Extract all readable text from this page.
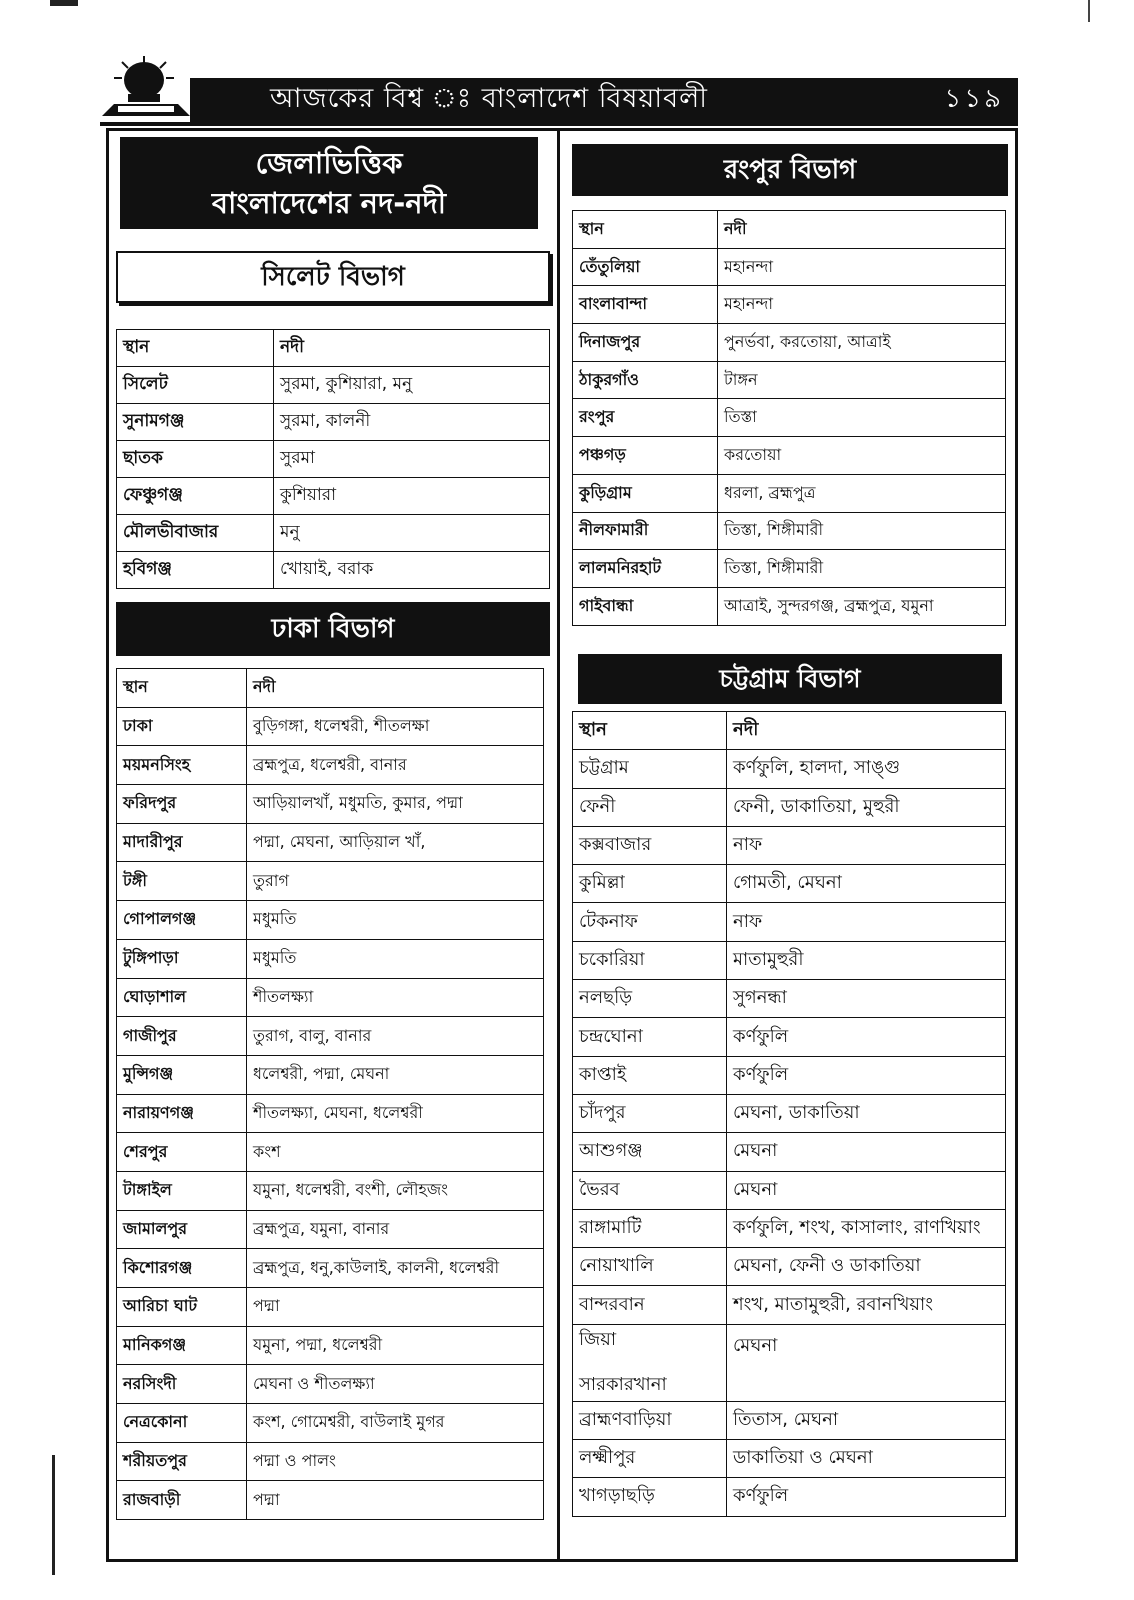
আজকের বিশ্ব ঃ বাংলাদেশ বিষয়াবলী	১১৯
জেলাভিত্তিক
বাংলাদেশের নদ-নদী
সিলেট বিভাগ
স্থান	নদী
সিলেট	সুরমা, কুশিয়ারা, মনু
সুনামগঞ্জ	সুরমা, কালনী
ছাতক	সুরমা
ফেঞ্চুগঞ্জ	কুশিয়ারা
মৌলভীবাজার	মনু
হবিগঞ্জ	খোয়াই, বরাক
ঢাকা বিভাগ
স্থান	নদী
ঢাকা	বুড়িগঙ্গা, ধলেশ্বরী, শীতলক্ষা
ময়মনসিংহ	ব্রহ্মপুত্র, ধলেশ্বরী, বানার
ফরিদপুর	আড়িয়ালখাঁ, মধুমতি, কুমার, পদ্মা
মাদারীপুর	পদ্মা, মেঘনা, আড়িয়াল খাঁ,
টঙ্গী	তুরাগ
গোপালগঞ্জ	মধুমতি
টুঙ্গিপাড়া	মধুমতি
ঘোড়াশাল	শীতলক্ষ্যা
গাজীপুর	তুরাগ, বালু, বানার
মুন্সিগঞ্জ	ধলেশ্বরী, পদ্মা, মেঘনা
নারায়ণগঞ্জ	শীতলক্ষ্যা, মেঘনা, ধলেশ্বরী
শেরপুর	কংশ
টাঙ্গাইল	যমুনা, ধলেশ্বরী, বংশী, লৌহজং
জামালপুর	ব্রহ্মপুত্র, যমুনা, বানার
কিশোরগঞ্জ	ব্রহ্মপুত্র, ধনু,কাউলাই, কালনী, ধলেশ্বরী
আরিচা ঘাট	পদ্মা
মানিকগঞ্জ	যমুনা, পদ্মা, ধলেশ্বরী
নরসিংদী	মেঘনা ও শীতলক্ষ্যা
নেত্রকোনা	কংশ, গোমেশ্বরী, বাউলাই মুগর
শরীয়তপুর	পদ্মা ও পালং
রাজবাড়ী	পদ্মা
রংপুর বিভাগ
স্থান	নদী
তেঁতুলিয়া	মহানন্দা
বাংলাবান্দা	মহানন্দা
দিনাজপুর	পুনর্ভবা, করতোয়া, আত্রাই
ঠাকুরগাঁও	টাঙ্গন
রংপুর	তিস্তা
পঞ্চগড়	করতোয়া
কুড়িগ্রাম	ধরলা, ব্রহ্মপুত্র
নীলফামারী	তিস্তা, শিঙ্গীমারী
লালমনিরহাট	তিস্তা, শিঙ্গীমারী
গাইবান্ধা	আত্রাই, সুন্দরগঞ্জ, ব্রহ্মপুত্র, যমুনা
চট্টগ্রাম বিভাগ
স্থান	নদী
চট্টগ্রাম	কর্ণফুলি, হালদা, সাঙ্গু
ফেনী	ফেনী, ডাকাতিয়া, মুহুরী
কক্সবাজার	নাফ
কুমিল্লা	গোমতী, মেঘনা
টেকনাফ	নাফ
চকোরিয়া	মাতামুহুরী
নলছড়ি	সুগনন্ধা
চন্দ্রঘোনা	কর্ণফুলি
কাপ্তাই	কর্ণফুলি
চাঁদপুর	মেঘনা, ডাকাতিয়া
আশুগঞ্জ	মেঘনা
ভৈরব	মেঘনা
রাঙ্গামাটি	কর্ণফুলি, শংখ, কাসালাং, রাণখিয়াং
নোয়াখালি	মেঘনা, ফেনী ও ডাকাতিয়া
বান্দরবান	শংখ, মাতামুহুরী, রবানখিয়াং

জিয়া
সারকারখানা	মেঘনা
ব্রাহ্মণবাড়িয়া	তিতাস, মেঘনা
লক্ষ্মীপুর	ডাকাতিয়া ও মেঘনা
খাগড়াছড়ি	কর্ণফুলি
